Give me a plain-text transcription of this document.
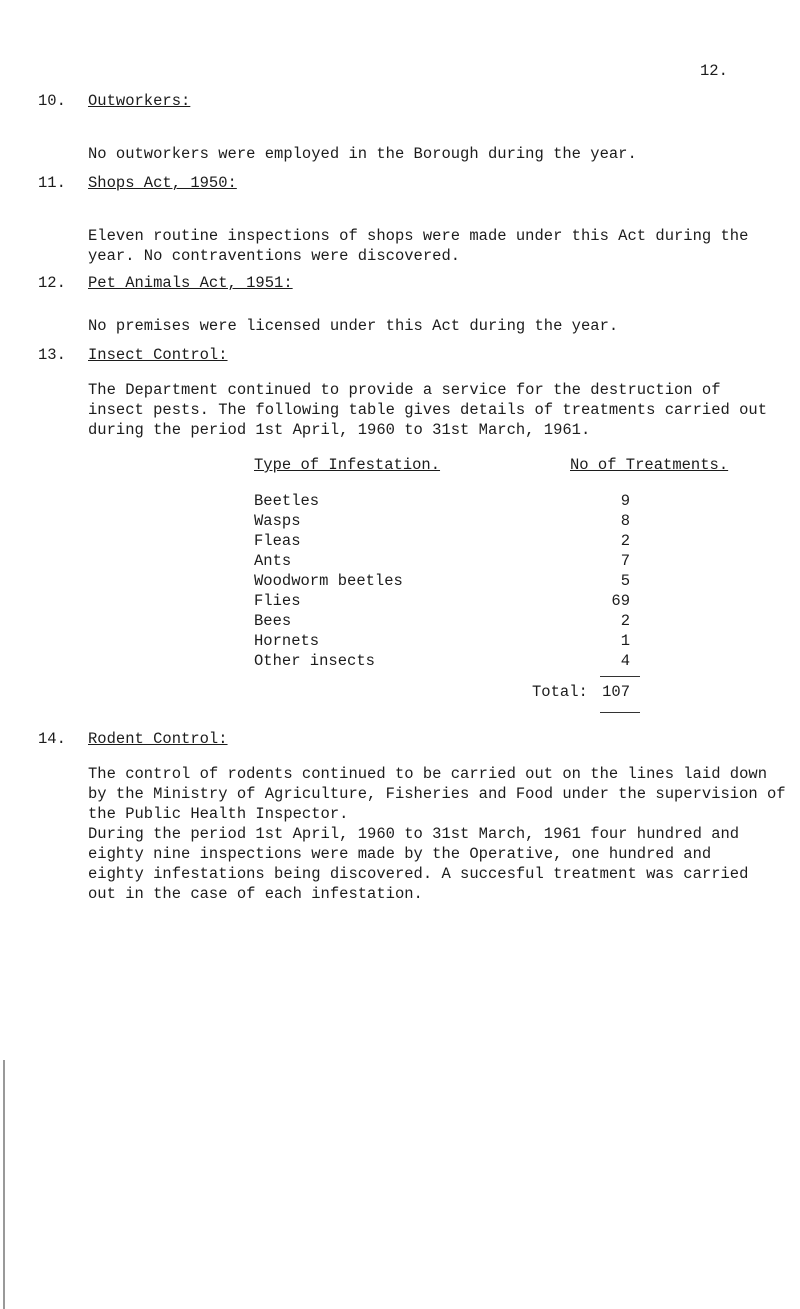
12.
10. Outworkers:
No outworkers were employed in the Borough during the year.
11. Shops Act, 1950:
Eleven routine inspections of shops were made under this Act during the year. No contraventions were discovered.
12. Pet Animals Act, 1951:
No premises were licensed under this Act during the year.
13. Insect Control:
The Department continued to provide a service for the destruction of insect pests. The following table gives details of treatments carried out during the period 1st April, 1960 to 31st March, 1961.
Type of Infestation.	No of Treatments.
Beetles	9
Wasps	8
Fleas	2
Ants	7
Woodworm beetles	5
Flies	69
Bees	2
Hornets	1
Other insects	4
Total: 107
14. Rodent Control:
The control of rodents continued to be carried out on the lines laid down by the Ministry of Agriculture, Fisheries and Food under the supervision of the Public Health Inspector.
During the period 1st April, 1960 to 31st March, 1961 four hundred and eighty nine inspections were made by the Operative, one hundred and eighty infestations being discovered. A succesful treatment was carried out in the case of each infestation.
